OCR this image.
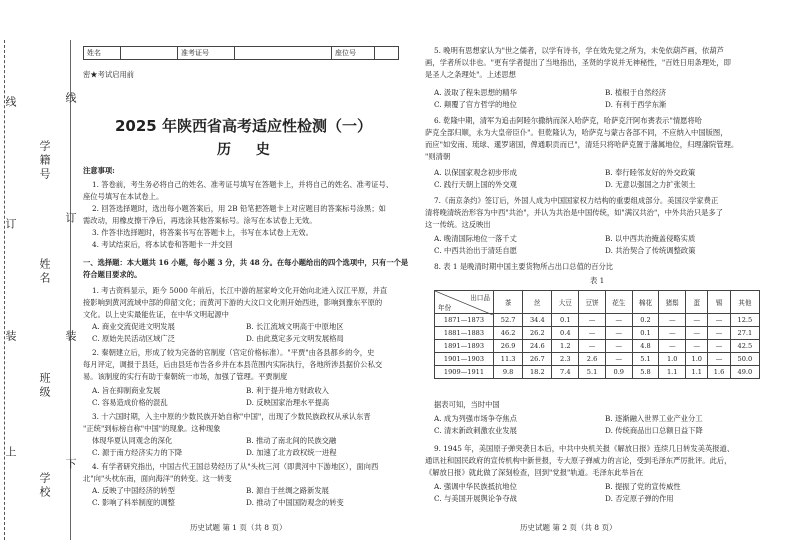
线
订
装
上
下
线
订
装
学籍号
姓名
班级
学校
姓名		准考证号		座位号	
密★考试启用前
2025 年陕西省高考适应性检测（一）
历 史
注意事项:
1. 答卷前，考生务必将自己的姓名、准考证号填写在答题卡上，并将自己的姓名、准考证号、
座位号填写在本试卷上。
2. 回答选择题时，选出每小题答案后，用 2B 铅笔把答题卡上对应题目的答案标号涂黑；如
需改动，用橡皮擦干净后，再选涂其他答案标号。涂写在本试卷上无效。
3. 作答非选择题时，将答案书写在答题卡上，书写在本试卷上无效。
4. 考试结束后，将本试卷和答题卡一并交回
一、选择题：本大题共 16 小题，每小题 3 分，共 48 分。在每小题给出的四个选项中，只有一个是
符合题目要求的。
1. 考古资料显示，距今 5000 年前后，长江中游的屈家岭文化开始向北进入汉江平原，并直
接影响到黄河流域中部的仰韶文化；而黄河下游的大汶口文化则开始西进，影响到豫东平原的
文化。以上史实最能佐证，在中华文明起源中
A. 商业交流促进文明发展	B. 长江流域文明高于中原地区
C. 原始先民活动区域广泛	D. 由此奠定多元文明发展格局
2. 秦朝建立后，形成了较为完备的官制度（官定价格标准）。"平贾"由各县都乡的令，史
每月评定，调报于县廷，后由县廷布告各乡并在本县范围内实际执行，各地所涉县据价公私交
易。该制度的实行有助于秦朝统一市场，加强了管理。平贾制度
A. 旨在抑制商业发展	B. 利于提升地方财政收入
C. 容易造成价格的混乱	D. 反映国家治理水平提高
3. 十六国时期，入主中原的少数民族开始自称"中国"，出现了少数民族政权从承认东晋
"正统"到标榜自称"中国"的现象。这种现象
体现华夏认同观念的深化	B. 推动了南北间的民族交融
C. 源于南方经济实力的下降	D. 加速了北方政权统一进程
4. 有学者研究指出，中国古代王国总势经历了从"头枕三河（即黄河中下游地区），面向西
北"向"头枕东南，面向海洋"的转变。这一转变
A. 反映了中国经济的转型	B. 源自于丝绸之路新发展
C. 影响了科举制度的调整	D. 推动了中国国防观念的转变
历史试题 第 1 页（共 8 页）
5. 晚明有思想家认为"世之儒者，以学有诗书，学在效先觉之所为，未免依葫芦画，依葫芦
画，学者所以非也。"更有学者提出了当地指出，圣贤的学说并无神秘性，"百姓日用条理处，即
是圣人之条理处"。上述思想
A. 汲取了程朱思想的精华	B. 植根于自然经济
C. 颠覆了官方哲学的地位	D. 有利于西学东渐
6. 乾隆中期，清军为追击阿睦尔撒纳而深入哈萨克，哈萨克汗阿布赉表示"情愿将哈
萨克全部归顺，永为大皇帝臣仆"。但乾隆认为，哈萨克与蒙古各部不同，不应纳入中国版图，
而应"如安南、琉球、暹罗诸国，俾通职贡而已"，清廷只将哈萨克置于藩属地位，归理藩院管理。
"则清朝
A. 以保国家观念初步形成	B. 奉行睦邻友好的外交政策
C. 践行天朝上国的外交观	D. 无意以强国之力扩张领土
7.《南京条约》签订后，外国人成为中国国家权力结构的重要组成部分。美国汉学家费正
清将晚清统治形容为中西"共治"，并认为共治是中国传统，如"满汉共治"，中外共治只是多了
这一传统。这反映出
A. 晚清国际地位一落千丈	B. 以中西共治掩盖侵略实质
C. 中西共治出于清廷自愿	D. 共治契合了传统调整政策
8. 表 1 是晚清时期中国主要货物所占出口总值的百分比
表 1
出口品
年份	茶	丝	大豆	豆饼	花生	棉花	猪鬃	蛋	锡	其他
1871—1873	52.7	34.4	0.1	—	—	0.2	—	—	—	12.5
1881—1883	46.2	26.2	0.4	—	—	0.1	—	—	—	27.1
1891—1893	26.9	24.6	1.2	—	—	4.8	—	—	—	42.5
1901—1903	11.3	26.7	2.3	2.6	—	5.1	1.0	1.0	—	50.0
1909—1911	9.8	18.2	7.4	5.1	0.9	5.8	1.1	1.1	1.6	49.0
据表可知，当时中国
A. 成为列强市场争夺焦点	B. 逐渐融入世界工业产业分工
C. 清末新政刺激农业发展	D. 传统商品出口总额日益下降
9. 1945 年，美国原子弹突袭日本后，中共中央机关报《解放日报》连续几日转发美英报道、
通讯社和国民政府的宣传机构中新世报，专大原子弹威力的言论，受到毛泽东严厉批评。此后，
《解放日报》就此做了深刻检查，回到"党报"轨道。毛泽东此举旨在
A. 强调中华民族抵抗地位	B. 提振了党的宣传威性
C. 与美国开展舆论争夺战	D. 否定原子弹的作用
历史试题 第 2 页（共 8 页）
